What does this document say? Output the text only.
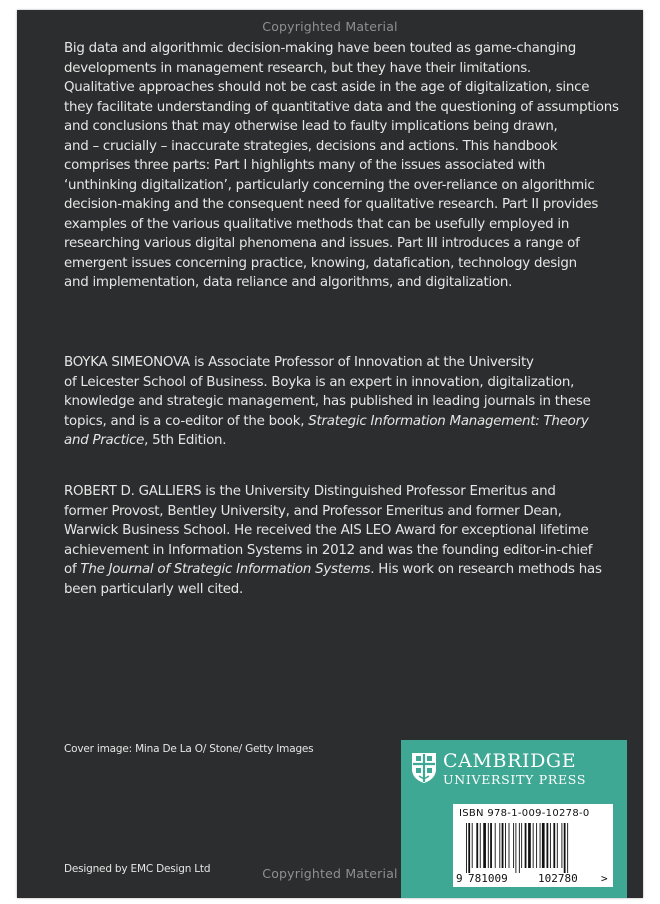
Copyrighted Material

Big data and algorithmic decision-making have been touted as game-changing

developments in management research, but they have their limitations.

Qualitative approaches should not be cast aside in the age of digitalization, since

they facilitate understanding of quantitative data and the questioning of assumptions

and conclusions that may otherwise lead to faulty implications being drawn,

and – crucially – inaccurate strategies, decisions and actions. This handbook

comprises three parts: Part I highlights many of the issues associated with

‘unthinking digitalization’, particularly concerning the over-reliance on algorithmic

decision-making and the consequent need for qualitative research. Part II provides

examples of the various qualitative methods that can be usefully employed in

researching various digital phenomena and issues. Part III introduces a range of

emergent issues concerning practice, knowing, datafication, technology design

and implementation, data reliance and algorithms, and digitalization.

BOYKA SIMEONOVA is Associate Professor of Innovation at the University

of Leicester School of Business. Boyka is an expert in innovation, digitalization,

knowledge and strategic management, has published in leading journals in these

topics, and is a co-editor of the book, Strategic Information Management: Theory

and Practice, 5th Edition.

ROBERT D. GALLIERS is the University Distinguished Professor Emeritus and

former Provost, Bentley University, and Professor Emeritus and former Dean,

Warwick Business School. He received the AIS LEO Award for exceptional lifetime

achievement in Information Systems in 2012 and was the founding editor-in-chief

of The Journal of Strategic Information Systems. His work on research methods has

been particularly well cited.

Cover image: Mina De La O/ Stone/ Getty Images
Designed by EMC Design Ltd
CAMBRIDGE
UNIVERSITY PRESS
ISBN 978-1-009-10278-0
9 781009	102780 >
Copyrighted Material
